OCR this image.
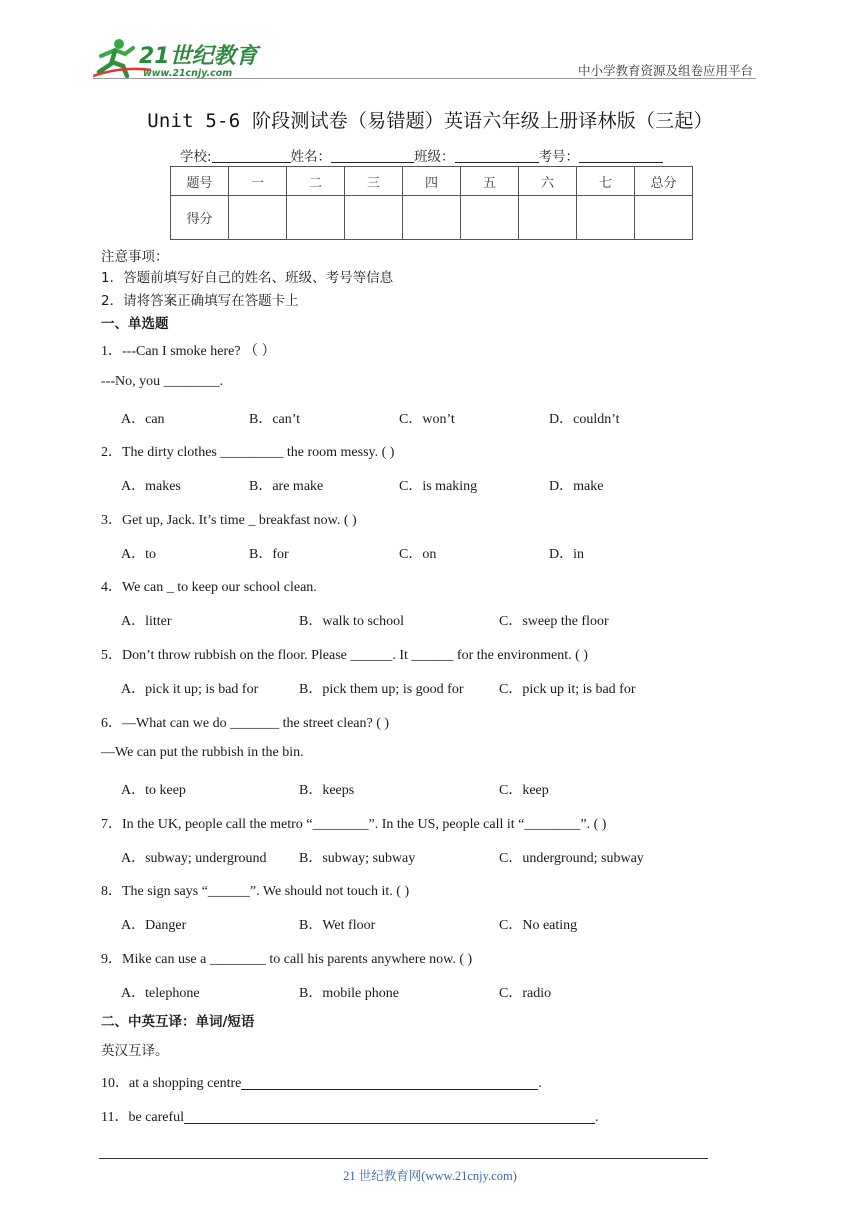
21世纪教育
www.21cnjy.com	中小学教育资源及组卷应用平台
Unit 5-6 阶段测试卷（易错题）英语六年级上册译林版（三起）
学校:	姓名：	班级：	考号：
题号	一	二	三	四	五	六	七	总分
得分								
注意事项：
1．答题前填写好自己的姓名、班级、考号等信息
2．请将答案正确填写在答题卡上
一、单选题
1．---Can I smoke here? （ ）
---No, you ________.
A．can	B．can’t	C．won’t	D．couldn’t
2．The dirty clothes _________ the room messy. ( )
A．makes	B．are make	C．is making	D．make
3．Get up, Jack. It’s time _ breakfast now. ( )
A．to	B．for	C．on	D．in
4．We can _ to keep our school clean.
A．litter	B．walk to school	C．sweep the floor
5．Don’t throw rubbish on the floor. Please ______. It ______ for the environment. ( )
A．pick it up; is bad for	B．pick them up; is good for	C．pick up it; is bad for
6．—What can we do _______ the street clean? ( )
—We can put the rubbish in the bin.
A．to keep	B．keeps	C．keep
7．In the UK, people call the metro “________”. In the US, people call it “________”. ( )
A．subway; underground B．subway; subway	C．underground; subway
8．The sign says “______”. We should not touch it. ( )
A．Danger	B．Wet floor	C．No eating
9．Mike can use a ________ to call his parents anywhere now. ( )
A．telephone	B．mobile phone	C．radio
二、中英互译：单词/短语
英汉互译。
10．at a shopping centre	.
11．be careful	.
21 世纪教育网(www.21cnjy.com)
